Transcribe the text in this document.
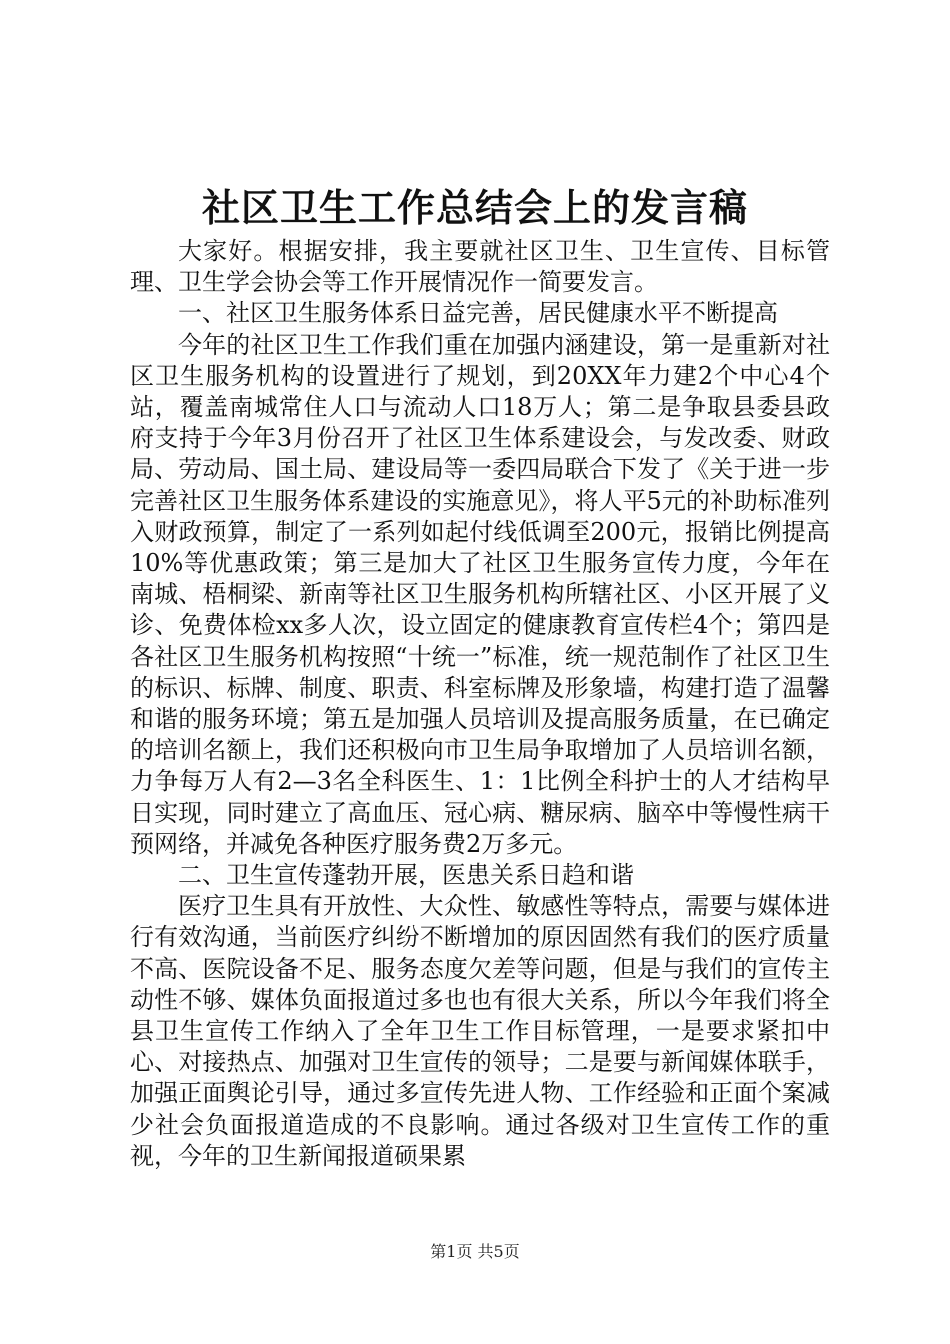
社区卫生工作总结会上的发言稿

大家好。根据安排，我主要就社区卫生、卫生宣传、目标管理、卫生学会协会等工作开展情况作一简要发言。

一、社区卫生服务体系日益完善，居民健康水平不断提高

今年的社区卫生工作我们重在加强内涵建设，第一是重新对社区卫生服务机构的设置进行了规划，到20XX年力建2个中心4个站，覆盖南城常住人口与流动人口18万人；第二是争取县委县政府支持于今年3月份召开了社区卫生体系建设会，与发改委、财政局、劳动局、国土局、建设局等一委四局联合下发了《关于进一步完善社区卫生服务体系建设的实施意见》，将人平5元的补助标准列入财政预算，制定了一系列如起付线低调至200元，报销比例提高10%等优惠政策；第三是加大了社区卫生服务宣传力度，今年在南城、梧桐梁、新南等社区卫生服务机构所辖社区、小区开展了义诊、免费体检xx多人次，设立固定的健康教育宣传栏4个；第四是各社区卫生服务机构按照“十统一”标准，统一规范制作了社区卫生的标识、标牌、制度、职责、科室标牌及形象墙，构建打造了温馨和谐的服务环境；第五是加强人员培训及提高服务质量，在已确定的培训名额上，我们还积极向市卫生局争取增加了人员培训名额，力争每万人有2—3名全科医生、1：1比例全科护士的人才结构早日实现，同时建立了高血压、冠心病、糖尿病、脑卒中等慢性病干预网络，并减免各种医疗服务费2万多元。

二、卫生宣传蓬勃开展，医患关系日趋和谐

医疗卫生具有开放性、大众性、敏感性等特点，需要与媒体进行有效沟通，当前医疗纠纷不断增加的原因固然有我们的医疗质量不高、医院设备不足、服务态度欠差等问题，但是与我们的宣传主动性不够、媒体负面报道过多也也有很大关系，所以今年我们将全县卫生宣传工作纳入了全年卫生工作目标管理，一是要求紧扣中心、对接热点、加强对卫生宣传的领导；二是要与新闻媒体联手，加强正面舆论引导，通过多宣传先进人物、工作经验和正面个案减少社会负面报道造成的不良影响。通过各级对卫生宣传工作的重视，今年的卫生新闻报道硕果累

第1页 共5页
